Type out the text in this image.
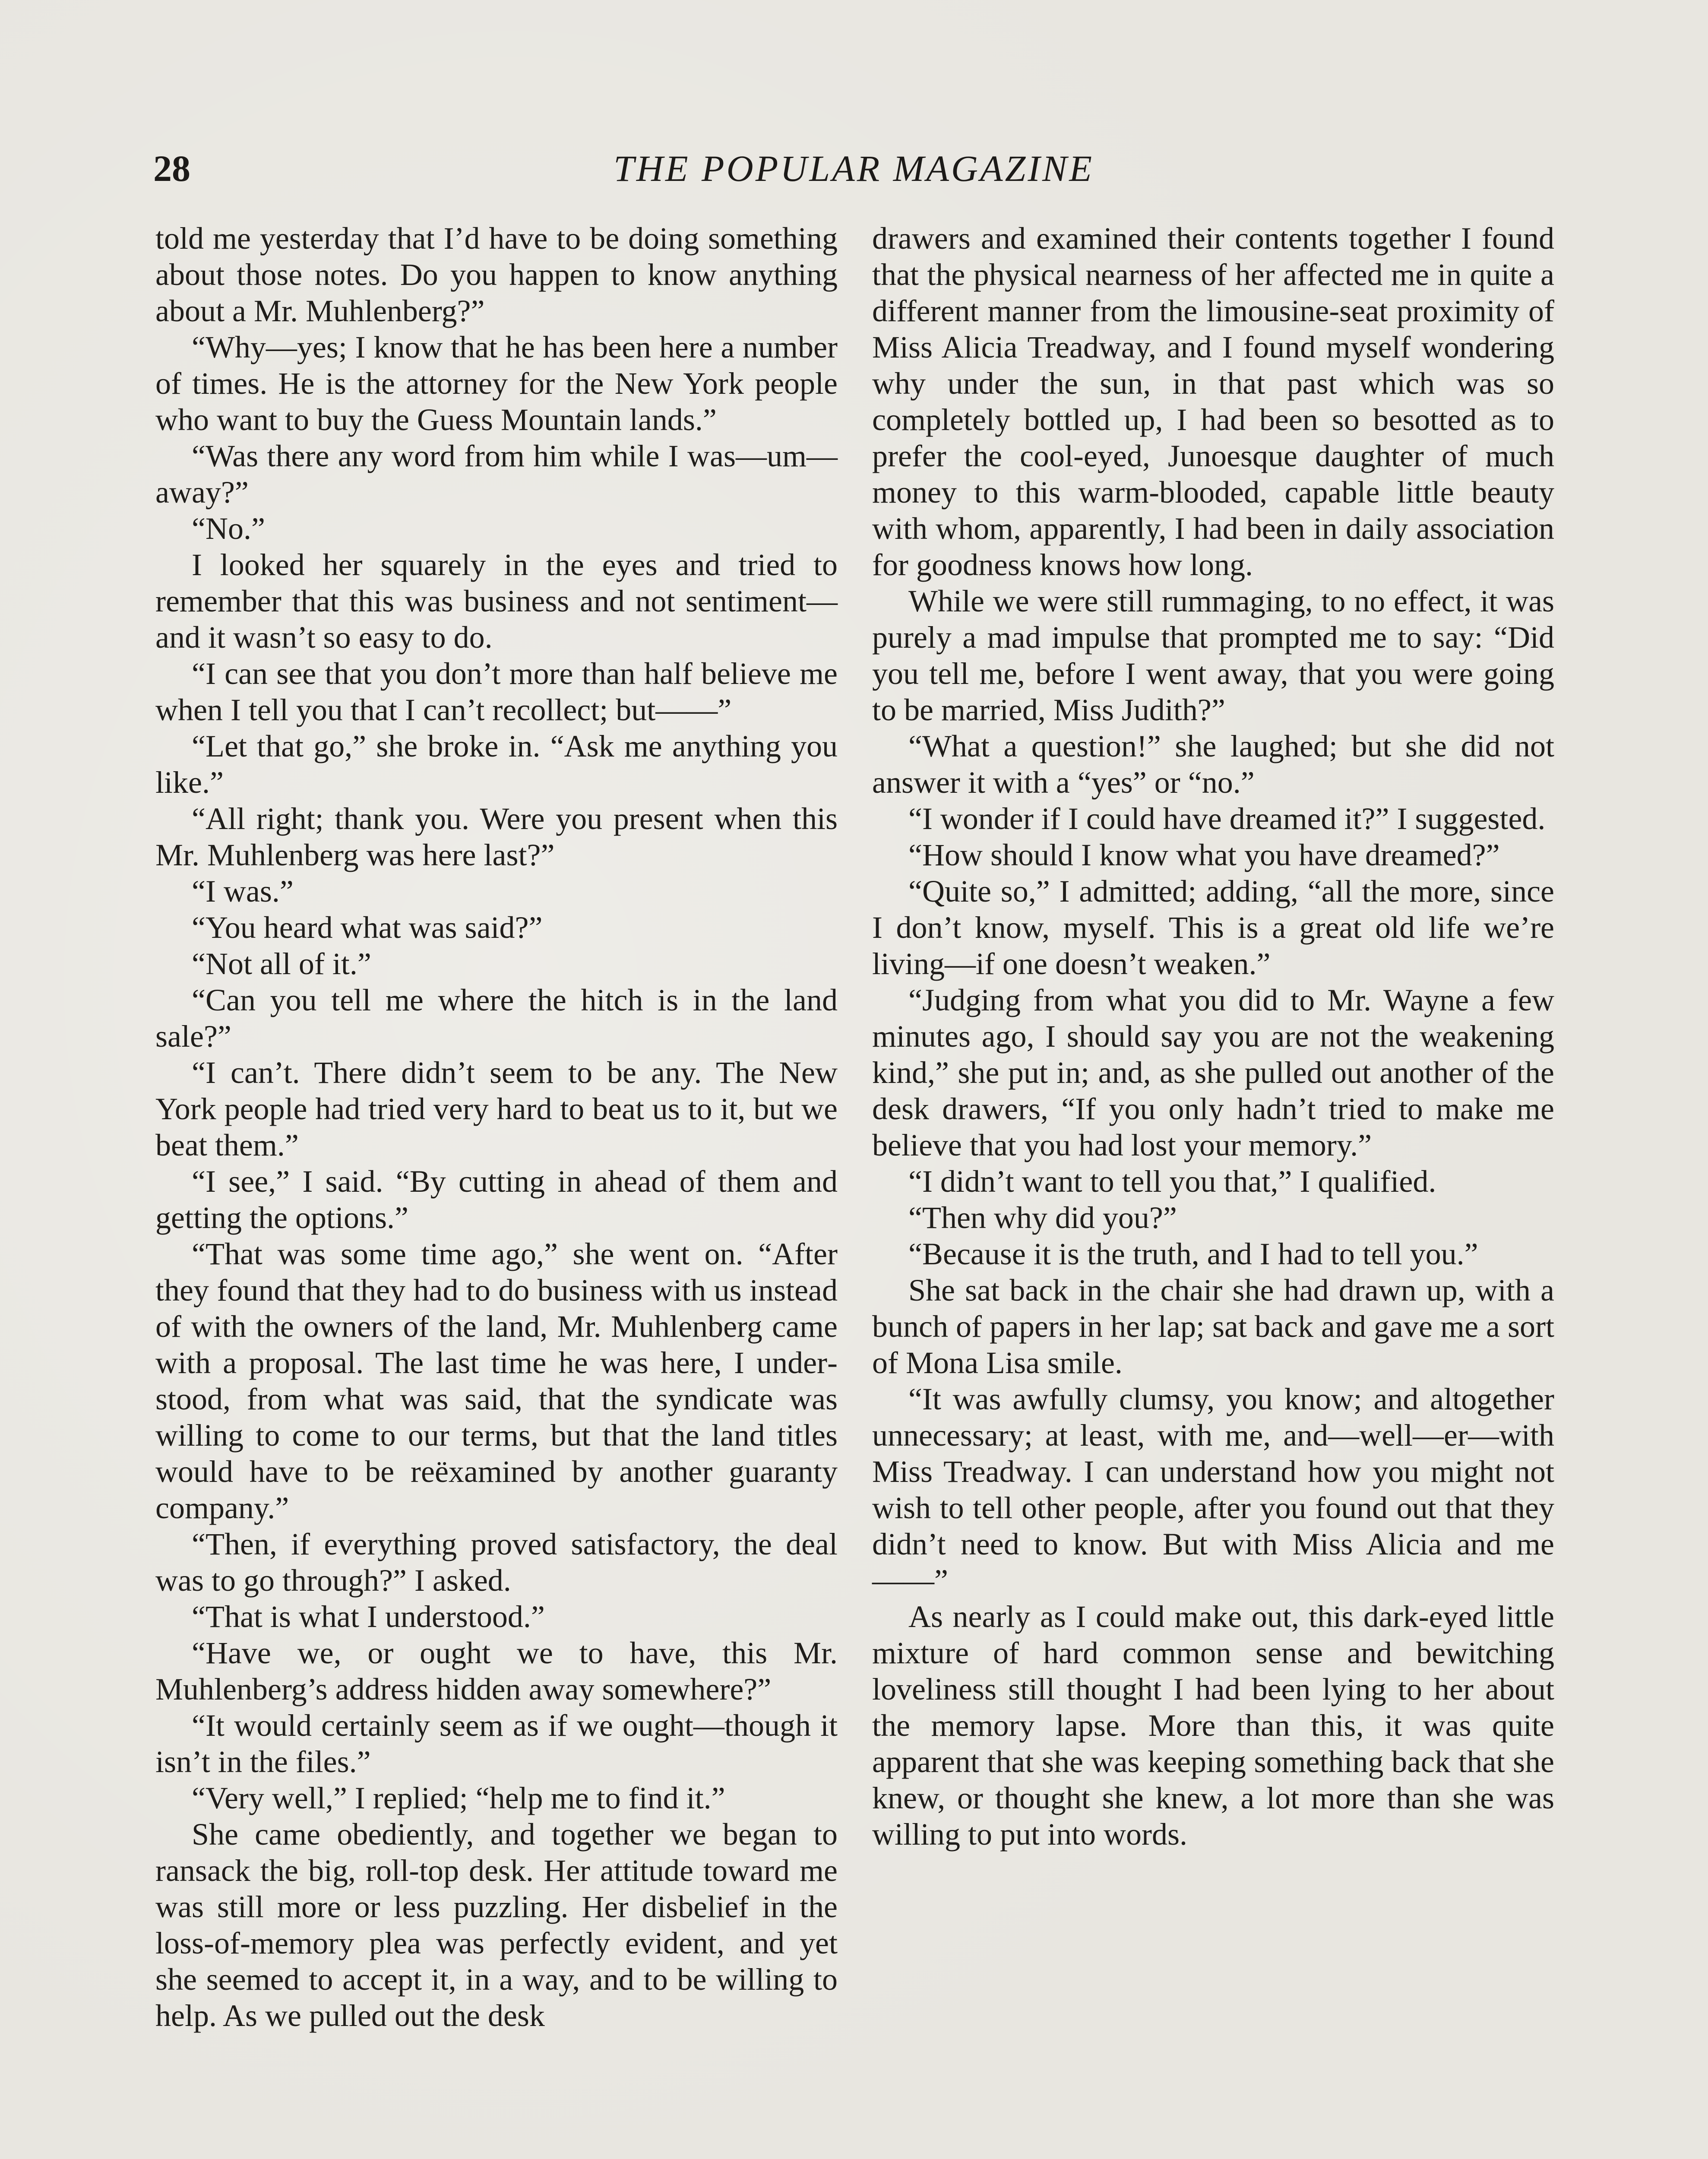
28	THE POPULAR MAGAZINE

told me yesterday that I’d have to be doing something about those notes. Do you happen to know anything about a Mr. Muhlenberg?”

“Why—yes; I know that he has been here a number of times. He is the attorney for the New York people who want to buy the Guess Mountain lands.”

“Was there any word from him while I was—um—away?”

“No.”

I looked her squarely in the eyes and tried to remember that this was business and not sentiment—and it wasn’t so easy to do.

“I can see that you don’t more than half believe me when I tell you that I can’t recollect; but——”

“Let that go,” she broke in. “Ask me anything you like.”

“All right; thank you. Were you present when this Mr. Muhlenberg was here last?”

“I was.”

“You heard what was said?”

“Not all of it.”

“Can you tell me where the hitch is in the land sale?”

“I can’t. There didn’t seem to be any. The New York people had tried very hard to beat us to it, but we beat them.”

“I see,” I said. “By cutting in ahead of them and getting the options.”

“That was some time ago,” she went on. “After they found that they had to do business with us instead of with the owners of the land, Mr. Muhlenberg came with a proposal. The last time he was here, I understood, from what was said, that the syndicate was willing to come to our terms, but that the land titles would have to be reëxamined by another guaranty company.”

“Then, if everything proved satisfactory, the deal was to go through?” I asked.

“That is what I understood.”

“Have we, or ought we to have, this Mr. Muhlenberg’s address hidden away somewhere?”

“It would certainly seem as if we ought—though it isn’t in the files.”

“Very well,” I replied; “help me to find it.”

She came obediently, and together we began to ransack the big, roll-top desk. Her attitude toward me was still more or less puzzling. Her disbelief in the loss-of-memory plea was perfectly evident, and yet she seemed to accept it, in a way, and to be willing to help. As we pulled out the desk

drawers and examined their contents together I found that the physical nearness of her affected me in quite a different manner from the limousine-seat proximity of Miss Alicia Treadway, and I found myself wondering why under the sun, in that past which was so completely bottled up, I had been so besotted as to prefer the cool-eyed, Junoesque daughter of much money to this warm-blooded, capable little beauty with whom, apparently, I had been in daily association for goodness knows how long.

While we were still rummaging, to no effect, it was purely a mad impulse that prompted me to say: “Did you tell me, before I went away, that you were going to be married, Miss Judith?”

“What a question!” she laughed; but she did not answer it with a “yes” or “no.”

“I wonder if I could have dreamed it?” I suggested.

“How should I know what you have dreamed?”

“Quite so,” I admitted; adding, “all the more, since I don’t know, myself. This is a great old life we’re living—if one doesn’t weaken.”

“Judging from what you did to Mr. Wayne a few minutes ago, I should say you are not the weakening kind,” she put in; and, as she pulled out another of the desk drawers, “If you only hadn’t tried to make me believe that you had lost your memory.”

“I didn’t want to tell you that,” I qualified.

“Then why did you?”

“Because it is the truth, and I had to tell you.”

She sat back in the chair she had drawn up, with a bunch of papers in her lap; sat back and gave me a sort of Mona Lisa smile.

“It was awfully clumsy, you know; and altogether unnecessary; at least, with me, and—well—er—with Miss Treadway. I can understand how you might not wish to tell other people, after you found out that they didn’t need to know. But with Miss Alicia and me——”

As nearly as I could make out, this dark-eyed little mixture of hard common sense and bewitching loveliness still thought I had been lying to her about the memory lapse. More than this, it was quite apparent that she was keeping something back that she knew, or thought she knew, a lot more than she was willing to put into words.
